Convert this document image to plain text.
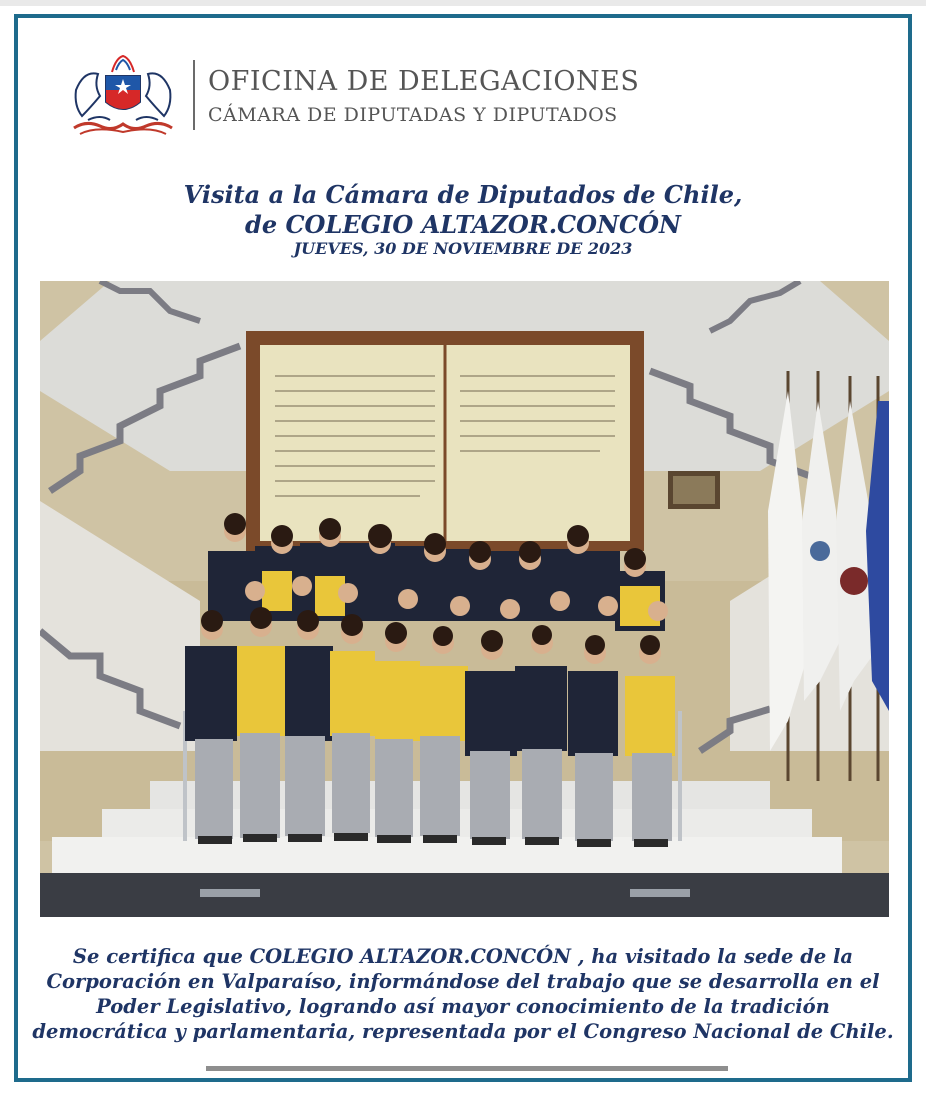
OFICINA DE DELEGACIONES
CÁMARA DE DIPUTADAS Y DIPUTADOS
Visita a la Cámara de Diputados de Chile,
de COLEGIO ALTAZOR.CONCÓN
JUEVES, 30 DE NOVIEMBRE DE 2023
Se certifica que COLEGIO ALTAZOR.CONCÓN , ha visitado la sede de la
Corporación en Valparaíso, informándose del trabajo que se desarrolla en el
Poder Legislativo, logrando así mayor conocimiento de la tradición
democrática y parlamentaria, representada por el Congreso Nacional de Chile.
